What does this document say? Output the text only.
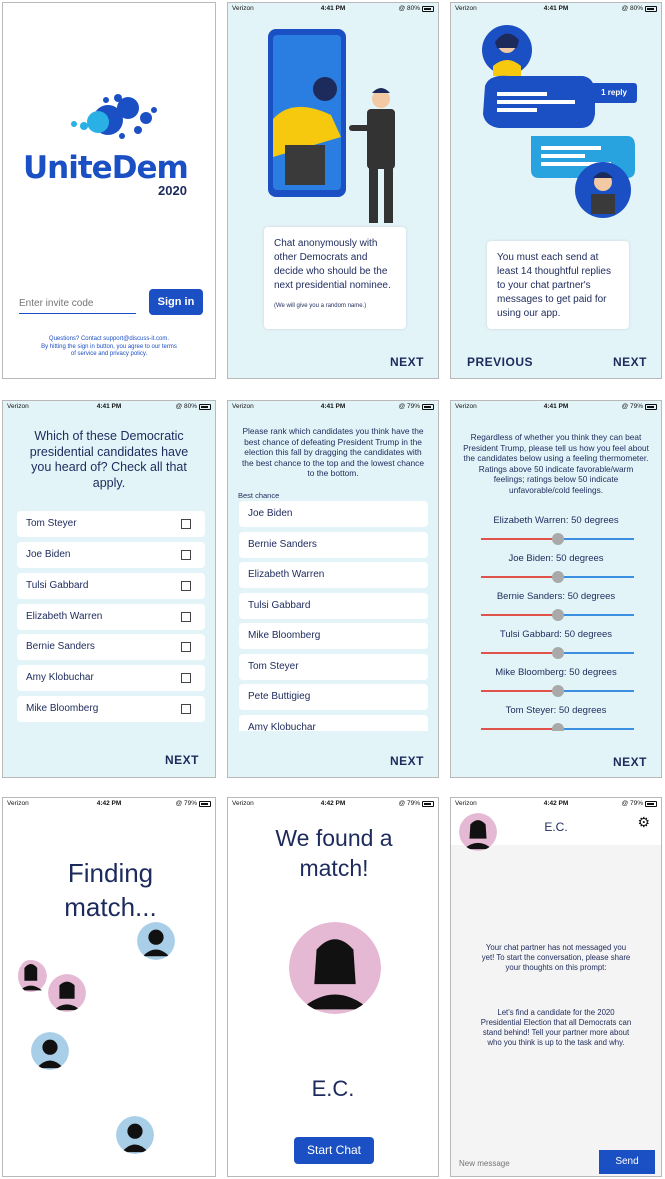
UniteDem
2020
Enter invite code
Sign in
Questions? Contact support@discuss-it.com.
By hitting the sign in button, you agree to our terms
of service and privacy policy.
Verizon	4:41 PM	@ 80%
Chat anonymously with other Democrats and decide who should be the next presidential nominee.
(We will give you a random name.)
NEXT
Verizon	4:41 PM	@ 80%
1 reply
You must each send at least 14 thoughtful replies to your chat partner's messages to get paid for using our app.
PREVIOUS	NEXT
Verizon	4:41 PM	@ 80%
Which of these Democratic presidential candidates have you heard of? Check all that apply.
Tom Steyer
Joe Biden
Tulsi Gabbard
Elizabeth Warren
Bernie Sanders
Amy Klobuchar
Mike Bloomberg
NEXT
Verizon	4:41 PM	@ 79%
Please rank which candidates you think have the best chance of defeating President Trump in the election this fall by dragging the candidates with the best chance to the top and the lowest chance to the bottom.
Best chance
Joe Biden
Bernie Sanders
Elizabeth Warren
Tulsi Gabbard
Mike Bloomberg
Tom Steyer
Pete Buttigieg
Amy Klobuchar
NEXT
Verizon	4:41 PM	@ 79%
Regardless of whether you think they can beat President Trump, please tell us how you feel about the candidates below using a feeling thermometer. Ratings above 50 indicate favorable/warm feelings; ratings below 50 indicate unfavorable/cold feelings.
Elizabeth Warren: 50 degrees
Joe Biden: 50 degrees
Bernie Sanders: 50 degrees
Tulsi Gabbard: 50 degrees
Mike Bloomberg: 50 degrees
Tom Steyer: 50 degrees
NEXT
Verizon	4:42 PM	@ 79%
Finding match...
Verizon	4:42 PM	@ 79%
We found a match!
E.C.
Start Chat
Verizon	4:42 PM	@ 79%
E.C.	⚙
Your chat partner has not messaged you yet! To start the conversation, please share your thoughts on this prompt:
Let's find a candidate for the 2020 Presidential Election that all Democrats can stand behind! Tell your partner more about who you think is up to the task and why.
New message
Send
